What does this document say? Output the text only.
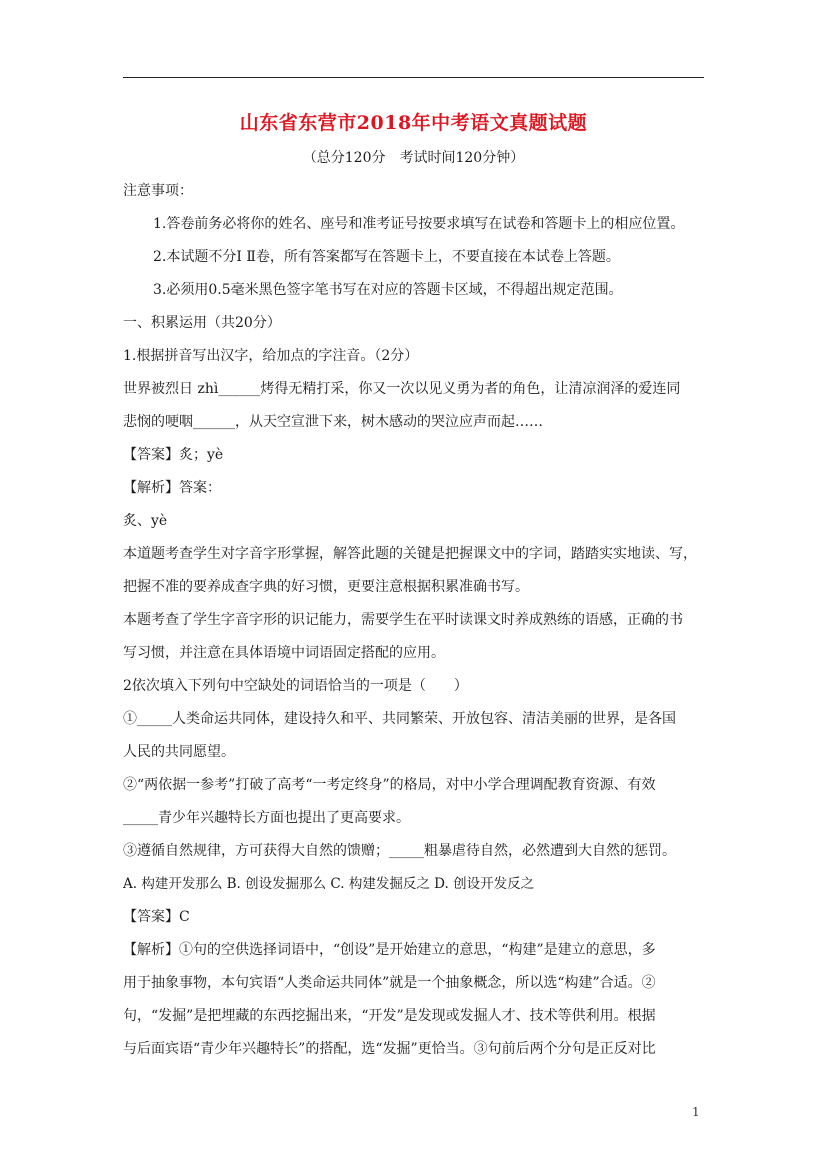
山东省东营市2018年中考语文真题试题
（总分120分　考试时间120分钟）

注意事项：

1.答卷前务必将你的姓名、座号和准考证号按要求填写在试卷和答题卡上的相应位置。

2.本试题不分Ⅰ Ⅱ卷，所有答案都写在答题卡上，不要直接在本试卷上答题。

3.必须用0.5毫米黑色签字笔书写在对应的答题卡区域，不得超出规定范围。

一、积累运用（共20分）

1.根据拼音写出汉字，给加点的字注音。（2分）

世界被烈日 zhì______烤得无精打采，你又一次以见义勇为者的角色，让清凉润泽的爱连同

悲悯的哽咽______，从天空宣泄下来，树木感动的哭泣应声而起……

【答案】炙；yè

【解析】答案：

炙、yè

本道题考查学生对字音字形掌握，解答此题的关键是把握课文中的字词，踏踏实实地读、写，

把握不准的要养成查字典的好习惯，更要注意根据积累准确书写。

本题考查了学生字音字形的识记能力，需要学生在平时读课文时养成熟练的语感，正确的书

写习惯，并注意在具体语境中词语固定搭配的应用。

2依次填入下列句中空缺处的词语恰当的一项是（　　）

①_____人类命运共同体，建设持久和平、共同繁荣、开放包容、清洁美丽的世界，是各国

人民的共同愿望。

②“两依据一参考”打破了高考“一考定终身”的格局，对中小学合理调配教育资源、有效

_____青少年兴趣特长方面也提出了更高要求。

③遵循自然规律，方可获得大自然的馈赠；_____粗暴虐待自然，必然遭到大自然的惩罚。

A. 构建开发那么 B. 创设发掘那么 C. 构建发掘反之 D. 创设开发反之

【答案】C

【解析】①句的空供选择词语中，“创设”是开始建立的意思，“构建”是建立的意思，多

用于抽象事物，本句宾语“人类命运共同体”就是一个抽象概念，所以选“构建”合适。②

句，“发掘”是把埋藏的东西挖掘出来，“开发”是发现或发掘人才、技术等供利用。根据

与后面宾语“青少年兴趣特长”的搭配，选“发掘”更恰当。③句前后两个分句是正反对比

1
